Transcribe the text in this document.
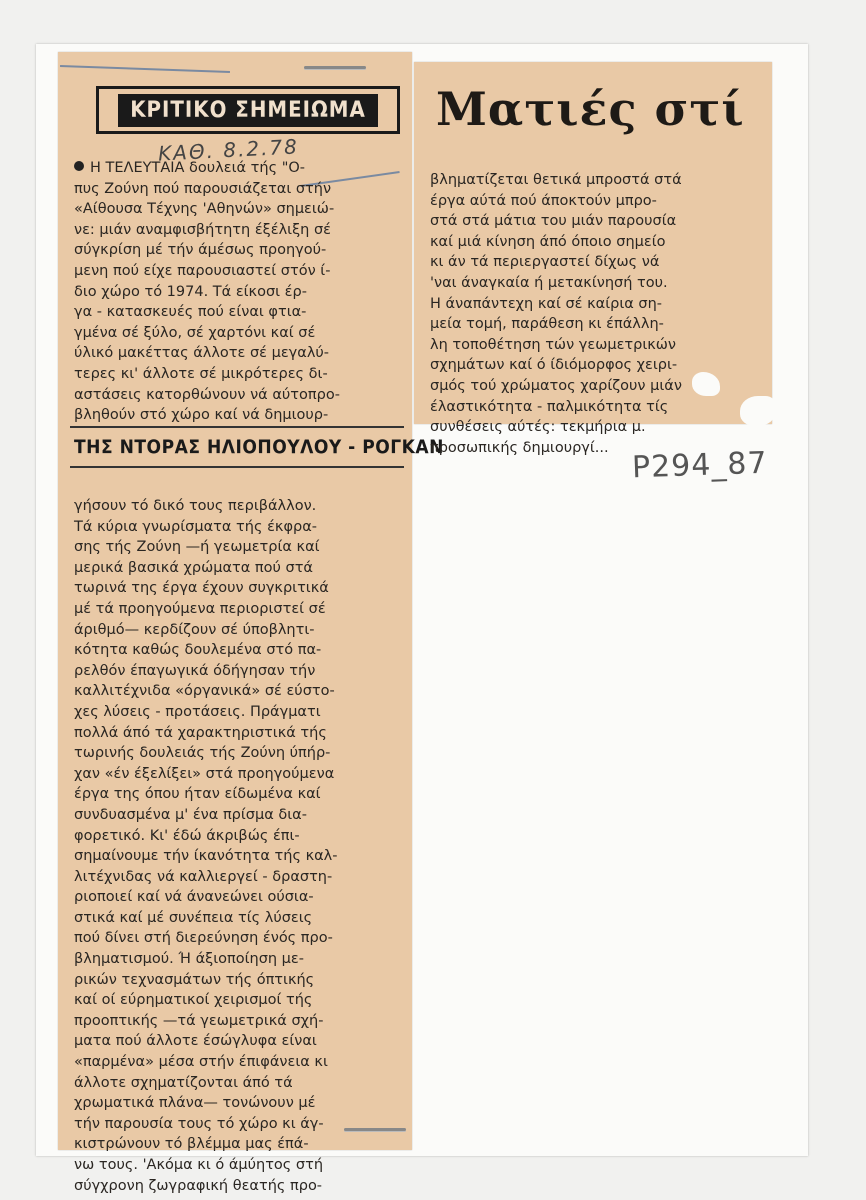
ΚΡΙΤΙΚΟ ΣΗΜΕΙΩΜΑ
ΚΑΘ. 8.2.78
Ματιές στί

Η ΤΕΛΕΥΤΑΙΑ δουλειά τής "Ο-

πυς Ζούνη πού παρουσιάζεται στήν

«Αίθουσα Τέχνης 'Αθηνών» σημειώ-

νε: μιάν αναμφισβήτητη έξέλιξη σέ

σύγκρίση μέ τήν άμέσως προηγού-

μενη πού είχε παρουσιαστεί στόν ί-

διο χώρο τό 1974. Τά είκοσι έρ-

γα - κατασκευές πού είναι φτια-

γμένα σέ ξύλο, σέ χαρτόνι καί σέ

ύλικό μακέττας άλλοτε σέ μεγαλύ-

τερες κι' άλλοτε σέ μικρότερες δι-

αστάσεις κατορθώνουν νά αύτοπρο-

βληθούν στό χώρο καί νά δημιουρ-

ΤΗΣ ΝΤΟΡΑΣ ΗΛΙΟΠΟΥΛΟΥ - ΡΟΓΚΑΝ

γήσουν τό δικό τους περιβάλλον.

Τά κύρια γνωρίσματα τής έκφρα-

σης τής Ζούνη —ή γεωμετρία καί

μερικά βασικά χρώματα πού στά

τωρινά της έργα έχουν συγκριτικά

μέ τά προηγούμενα περιοριστεί σέ

άριθμό— κερδίζουν σέ ύποβλητι-

κότητα καθώς δουλεμένα στό πα-

ρελθόν έπαγωγικά όδήγησαν τήν

καλλιτέχνιδα «όργανικά» σέ εύστο-

χες λύσεις - προτάσεις. Πράγματι

πολλά άπό τά χαρακτηριστικά τής

τωρινής δουλειάς τής Ζούνη ύπήρ-

χαν «έν έξελίξει» στά προηγούμενα

έργα της όπου ήταν είδωμένα καί

συνδυασμένα μ' ένα πρίσμα δια-

φορετικό. Κι' έδώ άκριβώς έπι-

σημαίνουμε τήν ίκανότητα τής καλ-

λιτέχνιδας νά καλλιεργεί - δραστη-

ριοποιεί καί νά άνανεώνει ούσια-

στικά καί μέ συνέπεια τίς λύσεις

πού δίνει στή διερεύνηση ένός προ-

βληματισμού. Ή άξιοποίηση με-

ρικών τεχνασμάτων τής όπτικής

καί οί εύρηματικοί χειρισμοί τής

προοπτικής —τά γεωμετρικά σχή-

ματα πού άλλοτε έσώγλυφα είναι

«παρμένα» μέσα στήν έπιφάνεια κι

άλλοτε σχηματίζονται άπό τά

χρωματικά πλάνα— τονώνουν μέ

τήν παρουσία τους τό χώρο κι άγ-

κιστρώνουν τό βλέμμα μας έπά-

νω τους. 'Ακόμα κι ό άμύητος στή

σύγχρονη ζωγραφική θεατής προ-

βληματίζεται θετικά μπροστά στά

έργα αύτά πού άποκτούν μπρο-

στά στά μάτια του μιάν παρουσία

καί μιά κίνηση άπό όποιο σημείο

κι άν τά περιεργαστεί δίχως νά

'ναι άναγκαία ή μετακίνησή του.

Η άναπάντεχη καί σέ καίρια ση-

μεία τομή, παράθεση κι έπάλλη-

λη τοποθέτηση τών γεωμετρικών

σχημάτων καί ό ίδιόμορφος χειρι-

σμός τού χρώματος χαρίζουν μιάν

έλαστικότητα - παλμικότητα τίς

συνθέσεις αύτές: τεκμήρια μ.

προσωπικής δημιουργί... P294_87
